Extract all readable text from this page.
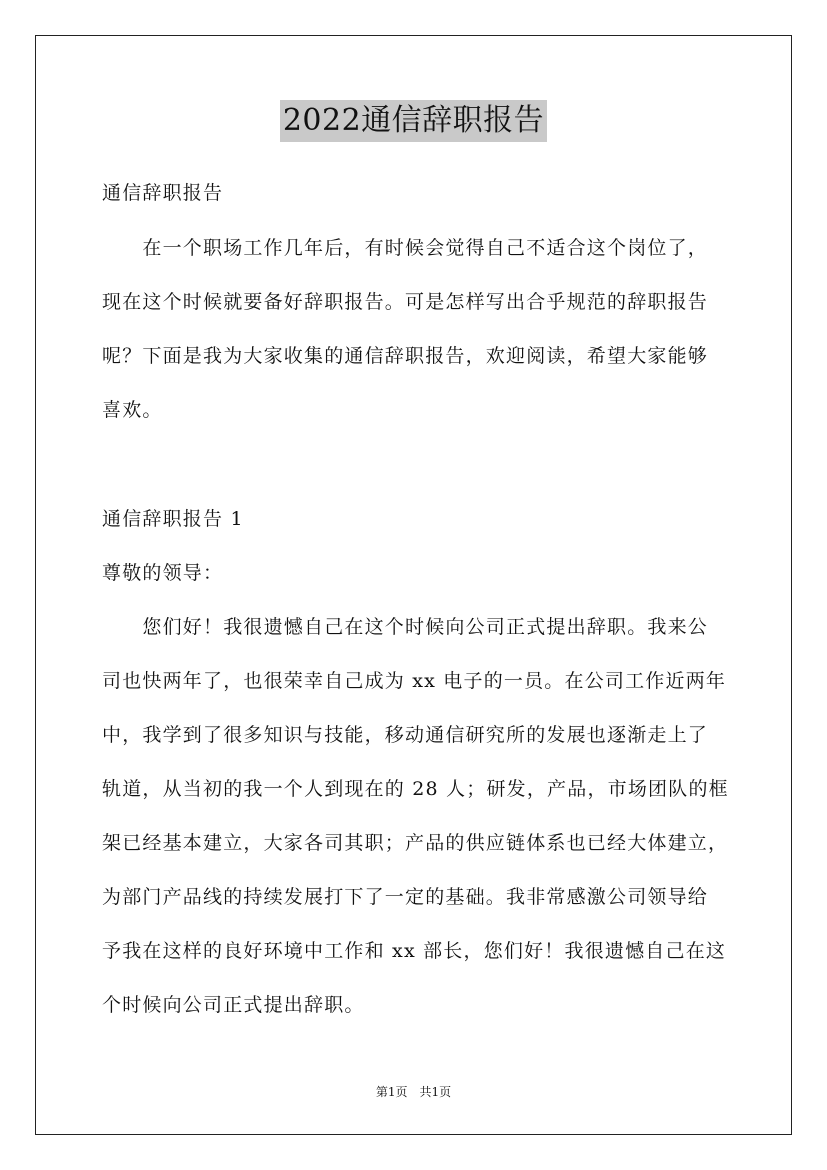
2022通信辞职报告
通信辞职报告
　　在一个职场工作几年后，有时候会觉得自己不适合这个岗位了，
现在这个时候就要备好辞职报告。可是怎样写出合乎规范的辞职报告
呢？下面是我为大家收集的通信辞职报告，欢迎阅读，希望大家能够
喜欢。
通信辞职报告 1
尊敬的领导：
　　您们好！我很遗憾自己在这个时候向公司正式提出辞职。我来公
司也快两年了，也很荣幸自己成为 xx 电子的一员。在公司工作近两年
中，我学到了很多知识与技能，移动通信研究所的发展也逐渐走上了
轨道，从当初的我一个人到现在的 28 人；研发，产品，市场团队的框
架已经基本建立，大家各司其职；产品的供应链体系也已经大体建立，
为部门产品线的持续发展打下了一定的基础。我非常感激公司领导给
予我在这样的良好环境中工作和 xx 部长，您们好！我很遗憾自己在这
个时候向公司正式提出辞职。
第1页　共1页
